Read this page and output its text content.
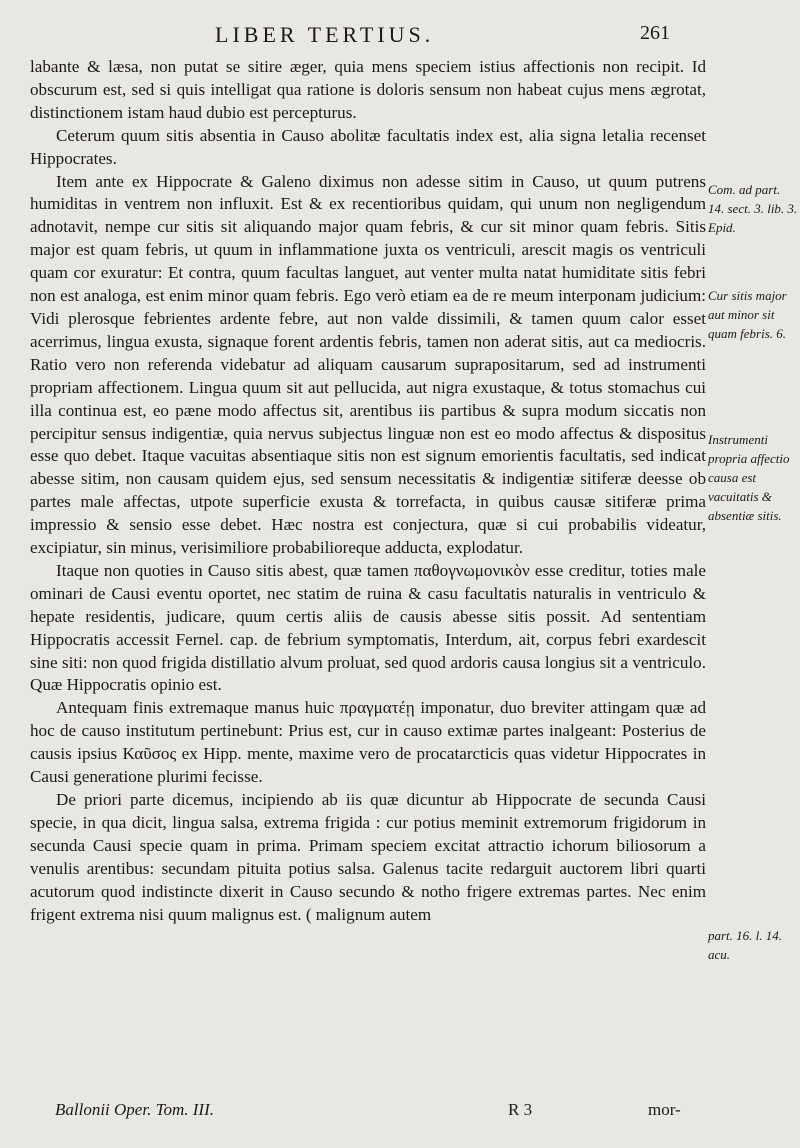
LIBER TERTIUS.	261

labante & læsa, non putat se sitire æger, quia mens speciem istius affectionis non recipit. Id obscurum est, sed si quis intelligat qua ratione is doloris sensum non habeat cujus mens ægrotat, distinctionem istam haud dubio est percepturus.

Ceterum quum sitis absentia in Causo abolitæ facultatis index est, alia signa letalia recenset Hippocrates.

Item ante ex Hippocrate & Galeno diximus non adesse sitim in Causo, ut quum putrens humiditas in ventrem non influxit. Est & ex recentioribus quidam, qui unum non negligendum adnotavit, nempe cur sitis sit aliquando major quam febris, & cur sit minor quam febris. Sitis major est quam febris, ut quum in inflammatione juxta os ventriculi, arescit magis os ventriculi quam cor exuratur: Et contra, quum facultas languet, aut venter multa natat humiditate sitis febri non est analoga, est enim minor quam febris. Ego verò etiam ea de re meum interponam judicium: Vidi plerosque febrientes ardente febre, aut non valde dissimili, & tamen quum calor esset acerrimus, lingua exusta, signaque forent ardentis febris, tamen non aderat sitis, aut ca mediocris. Ratio vero non referenda videbatur ad aliquam causarum suprapositarum, sed ad instrumenti propriam affectionem. Lingua quum sit aut pellucida, aut nigra exustaque, & totus stomachus cui illa continua est, eo pæne modo affectus sit, arentibus iis partibus & supra modum siccatis non percipitur sensus indigentiæ, quia nervus subjectus linguæ non est eo modo affectus & dispositus esse quo debet. Itaque vacuitas absentiaque sitis non est signum emorientis facultatis, sed indicat abesse sitim, non causam quidem ejus, sed sensum necessitatis & indigentiæ sitiferæ deesse ob partes male affectas, utpote superficie exusta & torrefacta, in quibus causæ sitiferæ prima impressio & sensio esse debet. Hæc nostra est conjectura, quæ si cui probabilis videatur, excipiatur, sin minus, verisimiliore probabilioreque adducta, explodatur.

Itaque non quoties in Causo sitis abest, quæ tamen παθογνωμονικὸν esse creditur, toties male ominari de Causi eventu oportet, nec statim de ruina & casu facultatis naturalis in ventriculo & hepate residentis, judicare, quum certis aliis de causis abesse sitis possit. Ad sententiam Hippocratis accessit Fernel. cap. de febrium symptomatis, Interdum, ait, corpus febri exardescit sine siti: non quod frigida distillatio alvum proluat, sed quod ardoris causa longius sit a ventriculo. Quæ Hippocratis opinio est.

Antequam finis extremaque manus huic πραγματέῃ imponatur, duo breviter attingam quæ ad hoc de causo institutum pertinebunt: Prius est, cur in causo extimæ partes inalgeant: Posterius de causis ipsius Καῦσος ex Hipp. mente, maxime vero de procatarcticis quas videtur Hippocrates in Causi generatione plurimi fecisse.

De priori parte dicemus, incipiendo ab iis quæ dicuntur ab Hippocrate de secunda Causi specie, in qua dicit, lingua salsa, extrema frigida : cur potius meminit extremorum frigidorum in secunda Causi specie quam in prima. Primam speciem excitat attractio ichorum biliosorum a venulis arentibus: secundam pituita potius salsa. Galenus tacite redarguit auctorem libri quarti acutorum quod indistincte dixerit in Causo secundo & notho frigere extremas partes. Nec enim frigent extrema nisi quum malignus est. ( malignum autem

Com. ad part. 14. sect. 3. lib. 3. Epid.
Cur sitis major aut minor sit quam febris. 6.
Instrumenti propria affectio causa est vacuitatis & absentiæ sitis.
part. 16. l. 14. acu.
Ballonii Oper. Tom. III.	R 3	mor-
